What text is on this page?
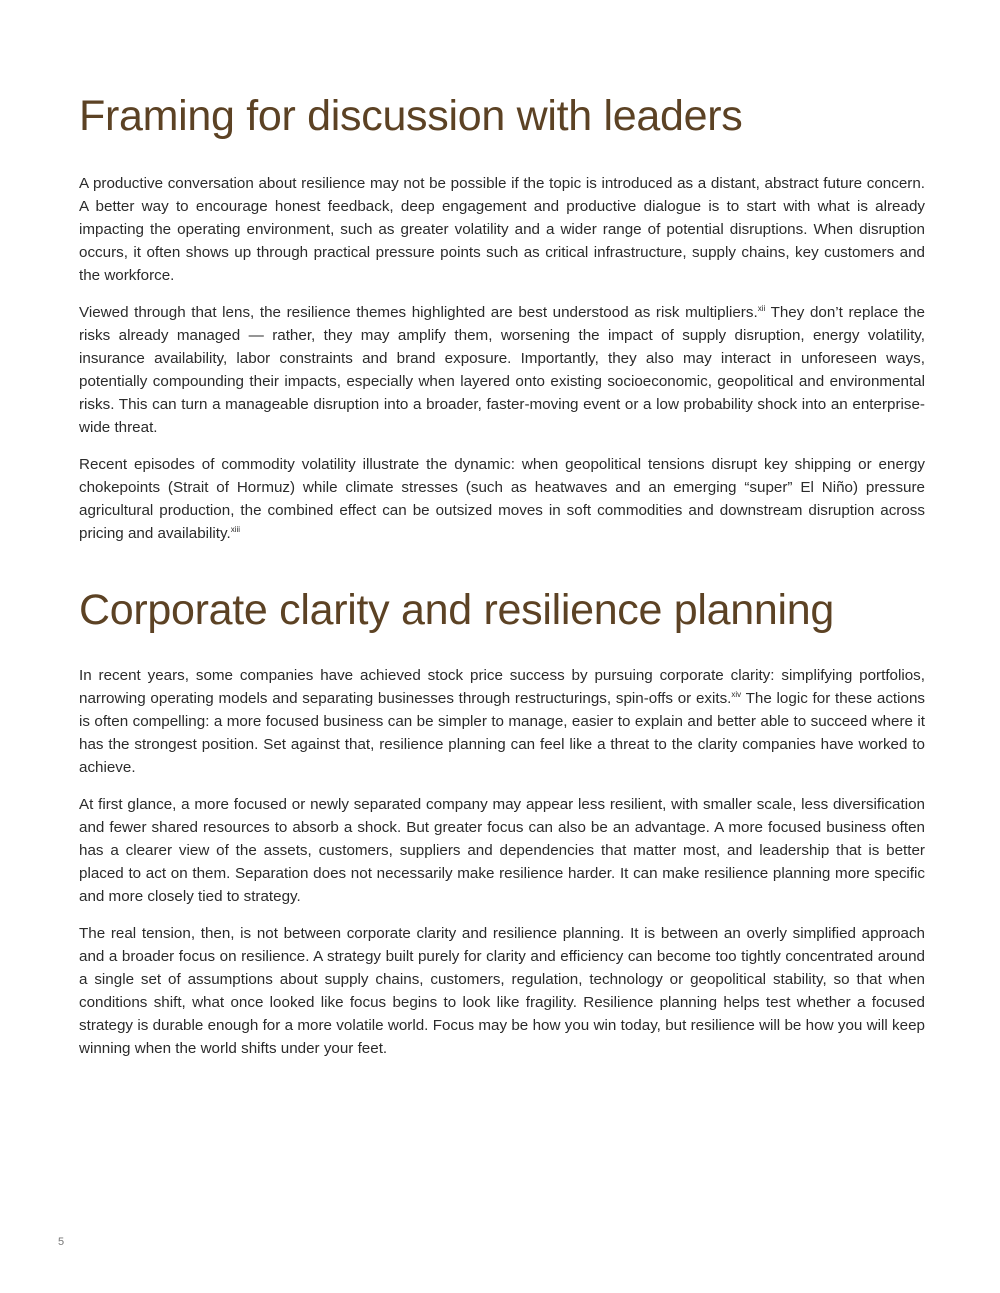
Framing for discussion with leaders

A productive conversation about resilience may not be possible if the topic is introduced as a distant, abstract future concern. A better way to encourage honest feedback, deep engagement and productive dialogue is to start with what is already impacting the operating environment, such as greater volatility and a wider range of potential disruptions. When disruption occurs, it often shows up through practical pressure points such as critical infrastructure, supply chains, key customers and the workforce.

Viewed through that lens, the resilience themes highlighted are best understood as risk multipliers.$^{xii}$ They don’t replace the risks already managed — rather, they may amplify them, worsening the impact of supply disruption, energy volatility, insurance availability, labor constraints and brand exposure. Importantly, they also may interact in unforeseen ways, potentially compounding their impacts, especially when layered onto existing socioeconomic, geopolitical and environmental risks. This can turn a manageable disruption into a broader, faster-moving event or a low probability shock into an enterprise-wide threat.

Recent episodes of commodity volatility illustrate the dynamic: when geopolitical tensions disrupt key shipping or energy chokepoints (Strait of Hormuz) while climate stresses (such as heatwaves and an emerging “super” El Niño) pressure agricultural production, the combined effect can be outsized moves in soft commodities and downstream disruption across pricing and availability.$^{xiii}$

Corporate clarity and resilience planning

In recent years, some companies have achieved stock price success by pursuing corporate clarity: simplifying portfolios, narrowing operating models and separating businesses through restructurings, spin-offs or exits.$^{xiv}$ The logic for these actions is often compelling: a more focused business can be simpler to manage, easier to explain and better able to succeed where it has the strongest position. Set against that, resilience planning can feel like a threat to the clarity companies have worked to achieve.

At first glance, a more focused or newly separated company may appear less resilient, with smaller scale, less diversification and fewer shared resources to absorb a shock. But greater focus can also be an advantage. A more focused business often has a clearer view of the assets, customers, suppliers and dependencies that matter most, and leadership that is better placed to act on them. Separation does not necessarily make resilience harder. It can make resilience planning more specific and more closely tied to strategy.

The real tension, then, is not between corporate clarity and resilience planning. It is between an overly simplified approach and a broader focus on resilience. A strategy built purely for clarity and efficiency can become too tightly concentrated around a single set of assumptions about supply chains, customers, regulation, technology or geopolitical stability, so that when conditions shift, what once looked like focus begins to look like fragility. Resilience planning helps test whether a focused strategy is durable enough for a more volatile world. Focus may be how you win today, but resilience will be how you will keep winning when the world shifts under your feet.

5
